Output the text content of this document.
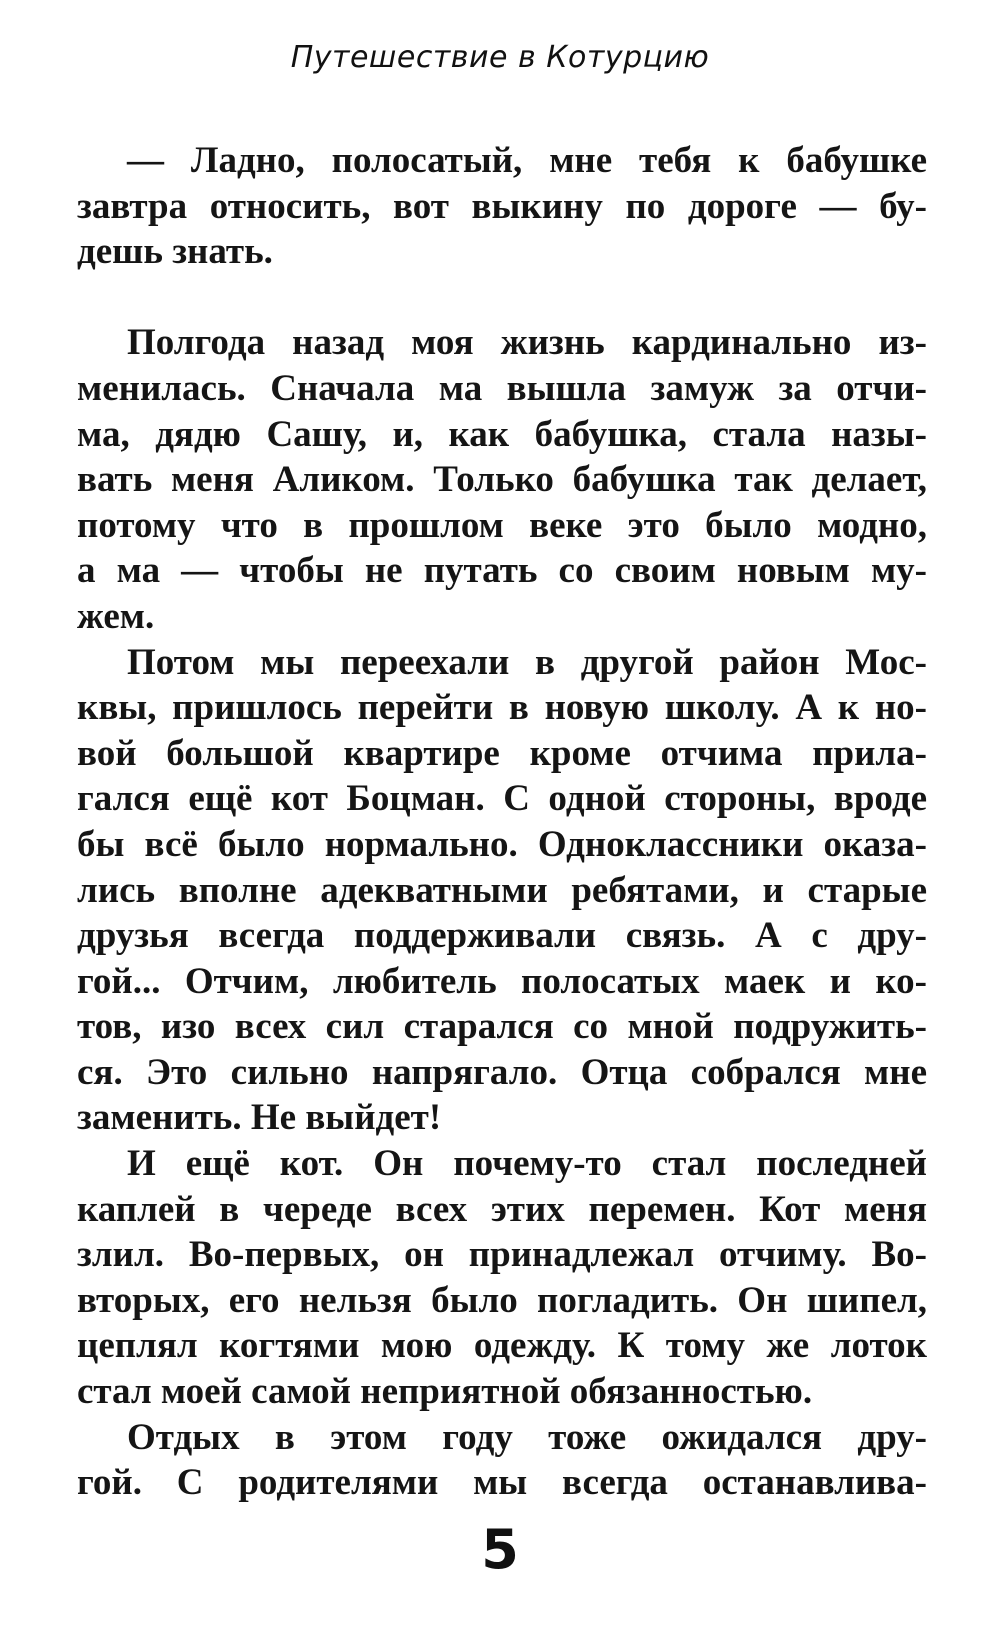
Путешествие в Котурцию
— Ладно, полосатый, мне тебя к бабушке
завтра относить, вот выкину по дороге — бу-
дешь знать.
Полгода назад моя жизнь кардинально из-
менилась. Сначала ма вышла замуж за отчи-
ма, дядю Сашу, и, как бабушка, стала назы-
вать меня Аликом. Только бабушка так делает,
потому что в прошлом веке это было модно,
а ма — чтобы не путать со своим новым му-
жем.
Потом мы переехали в другой район Мос-
квы, пришлось перейти в новую школу. А к но-
вой большой квартире кроме отчима прила-
гался ещё кот Боцман. С одной стороны, вроде
бы всё было нормально. Одноклассники оказа-
лись вполне адекватными ребятами, и старые
друзья всегда поддерживали связь. А с дру-
гой... Отчим, любитель полосатых маек и ко-
тов, изо всех сил старался со мной подружить-
ся. Это сильно напрягало. Отца собрался мне
заменить. Не выйдет!
И ещё кот. Он почему-то стал последней
каплей в череде всех этих перемен. Кот меня
злил. Во-первых, он принадлежал отчиму. Во-
вторых, его нельзя было погладить. Он шипел,
цеплял когтями мою одежду. К тому же лоток
стал моей самой неприятной обязанностью.
Отдых в этом году тоже ожидался дру-
гой. С родителями мы всегда останавлива-
5
